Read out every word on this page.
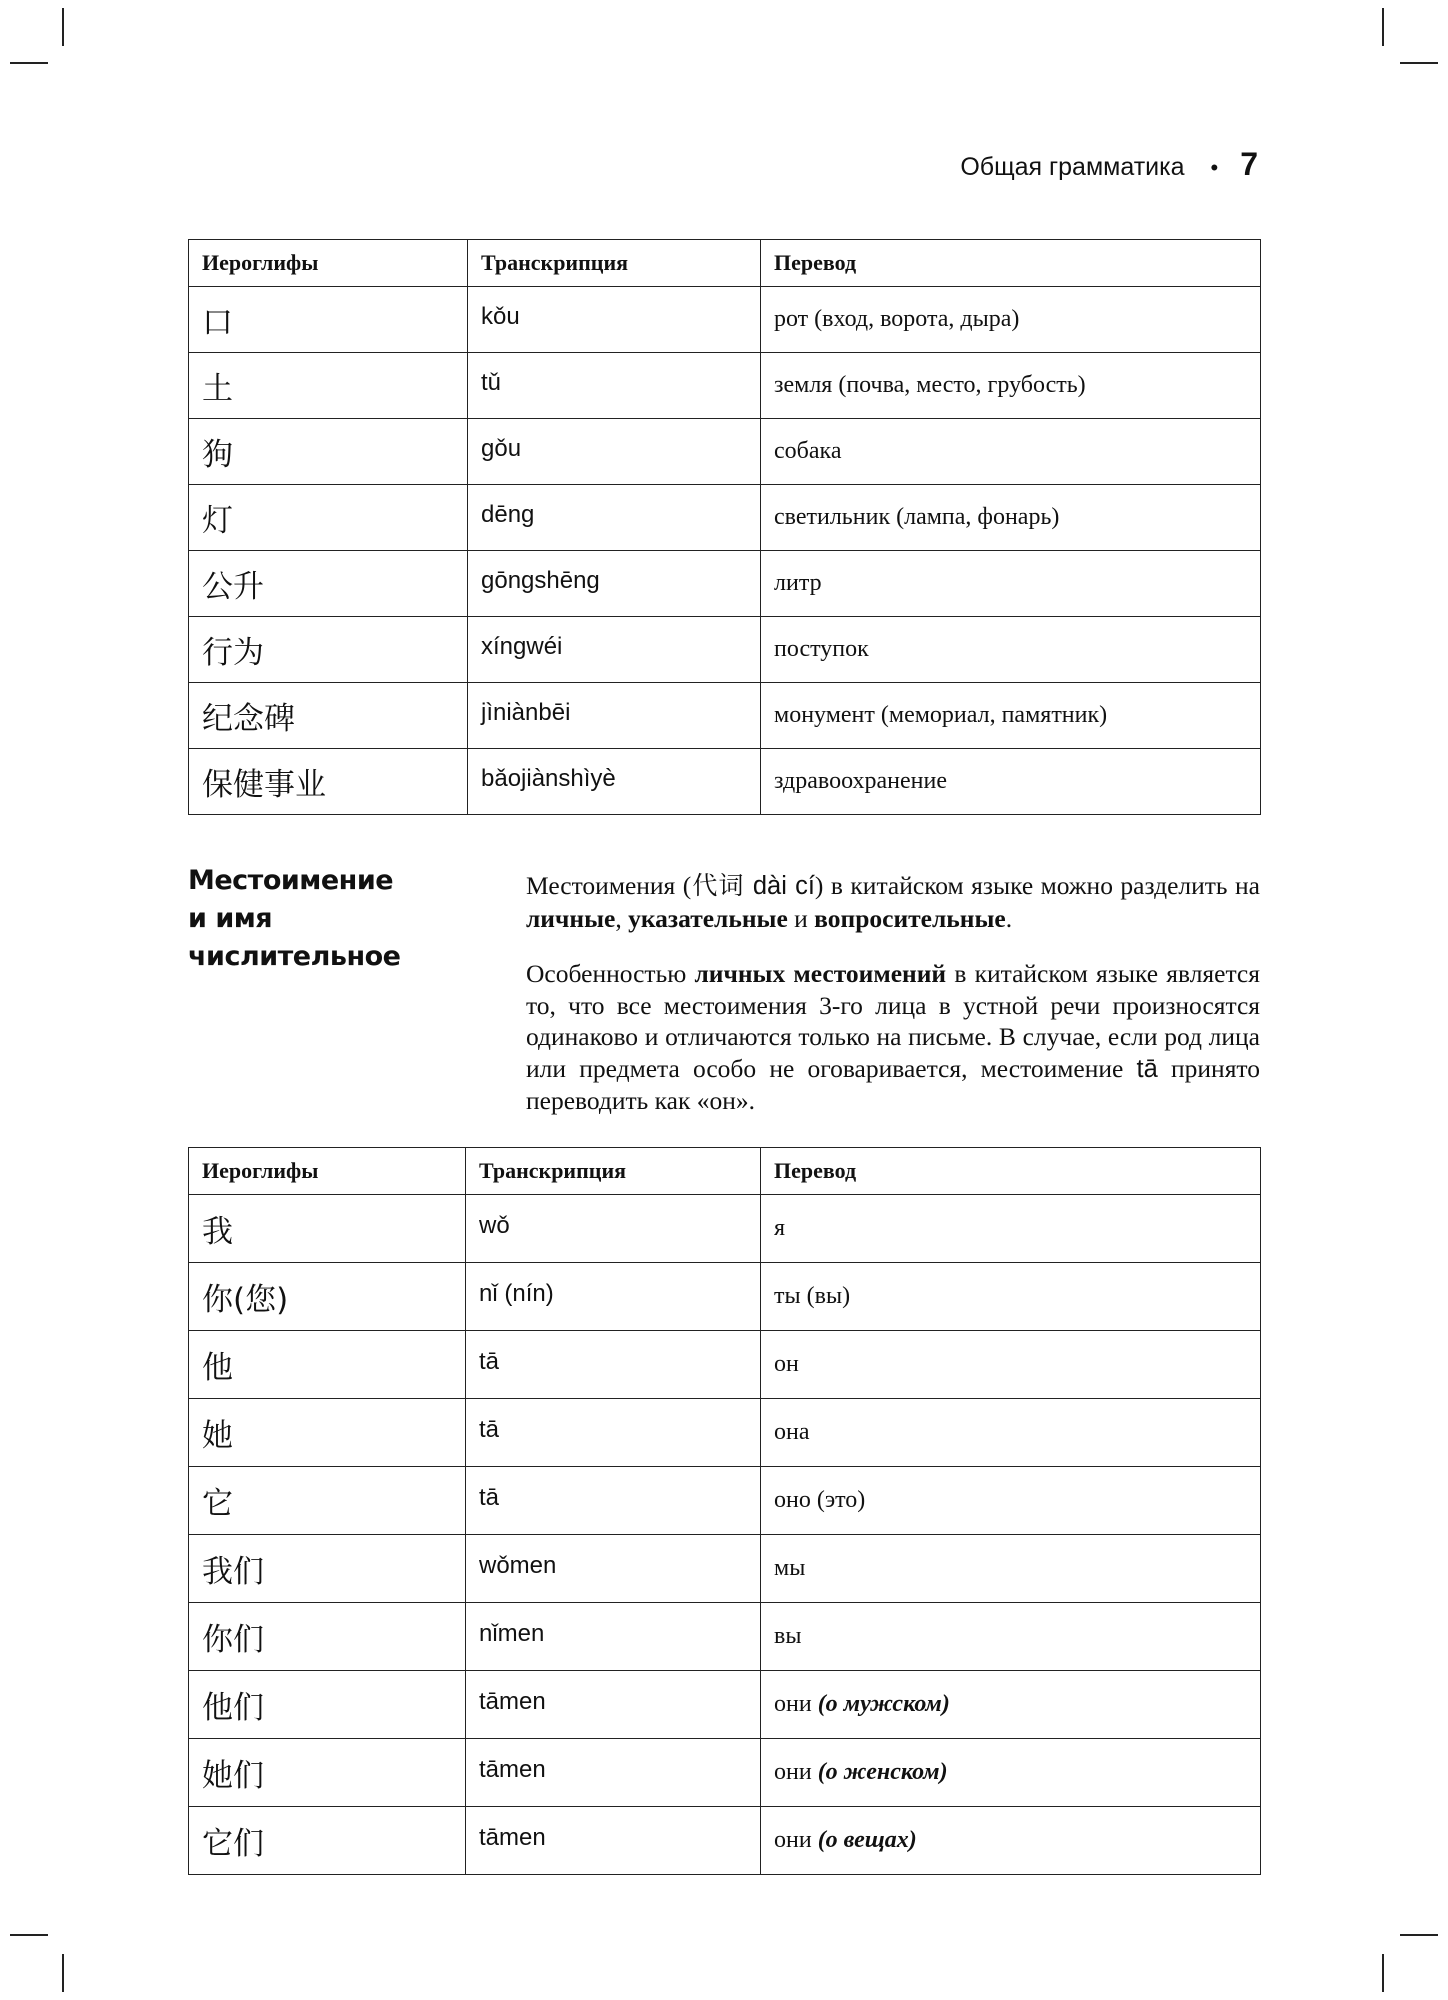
Общая грамматика • 7
Иероглифы	Транскрипция	Перевод
口	kǒu	рот (вход, ворота, дыра)
土	tǔ	земля (почва, место, грубость)
狗	gǒu	собака
灯	dēng	светильник (лампа, фонарь)
公升	gōngshēng	литр
行为	xíngwéi	поступок
纪念碑	jìniànbēi	монумент (мемориал, памятник)
保健事业	bǎojiànshìyè	здравоохранение
Местоимение
и имя числительное

Местоимения (代词 dài cí) в китайском языке можно разделить на личные, указательные и вопросительные.

Особенностью личных местоимений в китайском языке является то, что все местоимения 3-го лица в устной речи произносятся одинаково и отличаются только на письме. В случае, если род лица или предмета особо не оговаривается, местоимение tā принято переводить как «он».

Иероглифы	Транскрипция	Перевод
我	wǒ	я
你(您)	nǐ (nín)	ты (вы)
他	tā	он
她	tā	она
它	tā	оно (это)
我们	wǒmen	мы
你们	nǐmen	вы
他们	tāmen	они (о мужском)
她们	tāmen	они (о женском)
它们	tāmen	они (о вещах)
